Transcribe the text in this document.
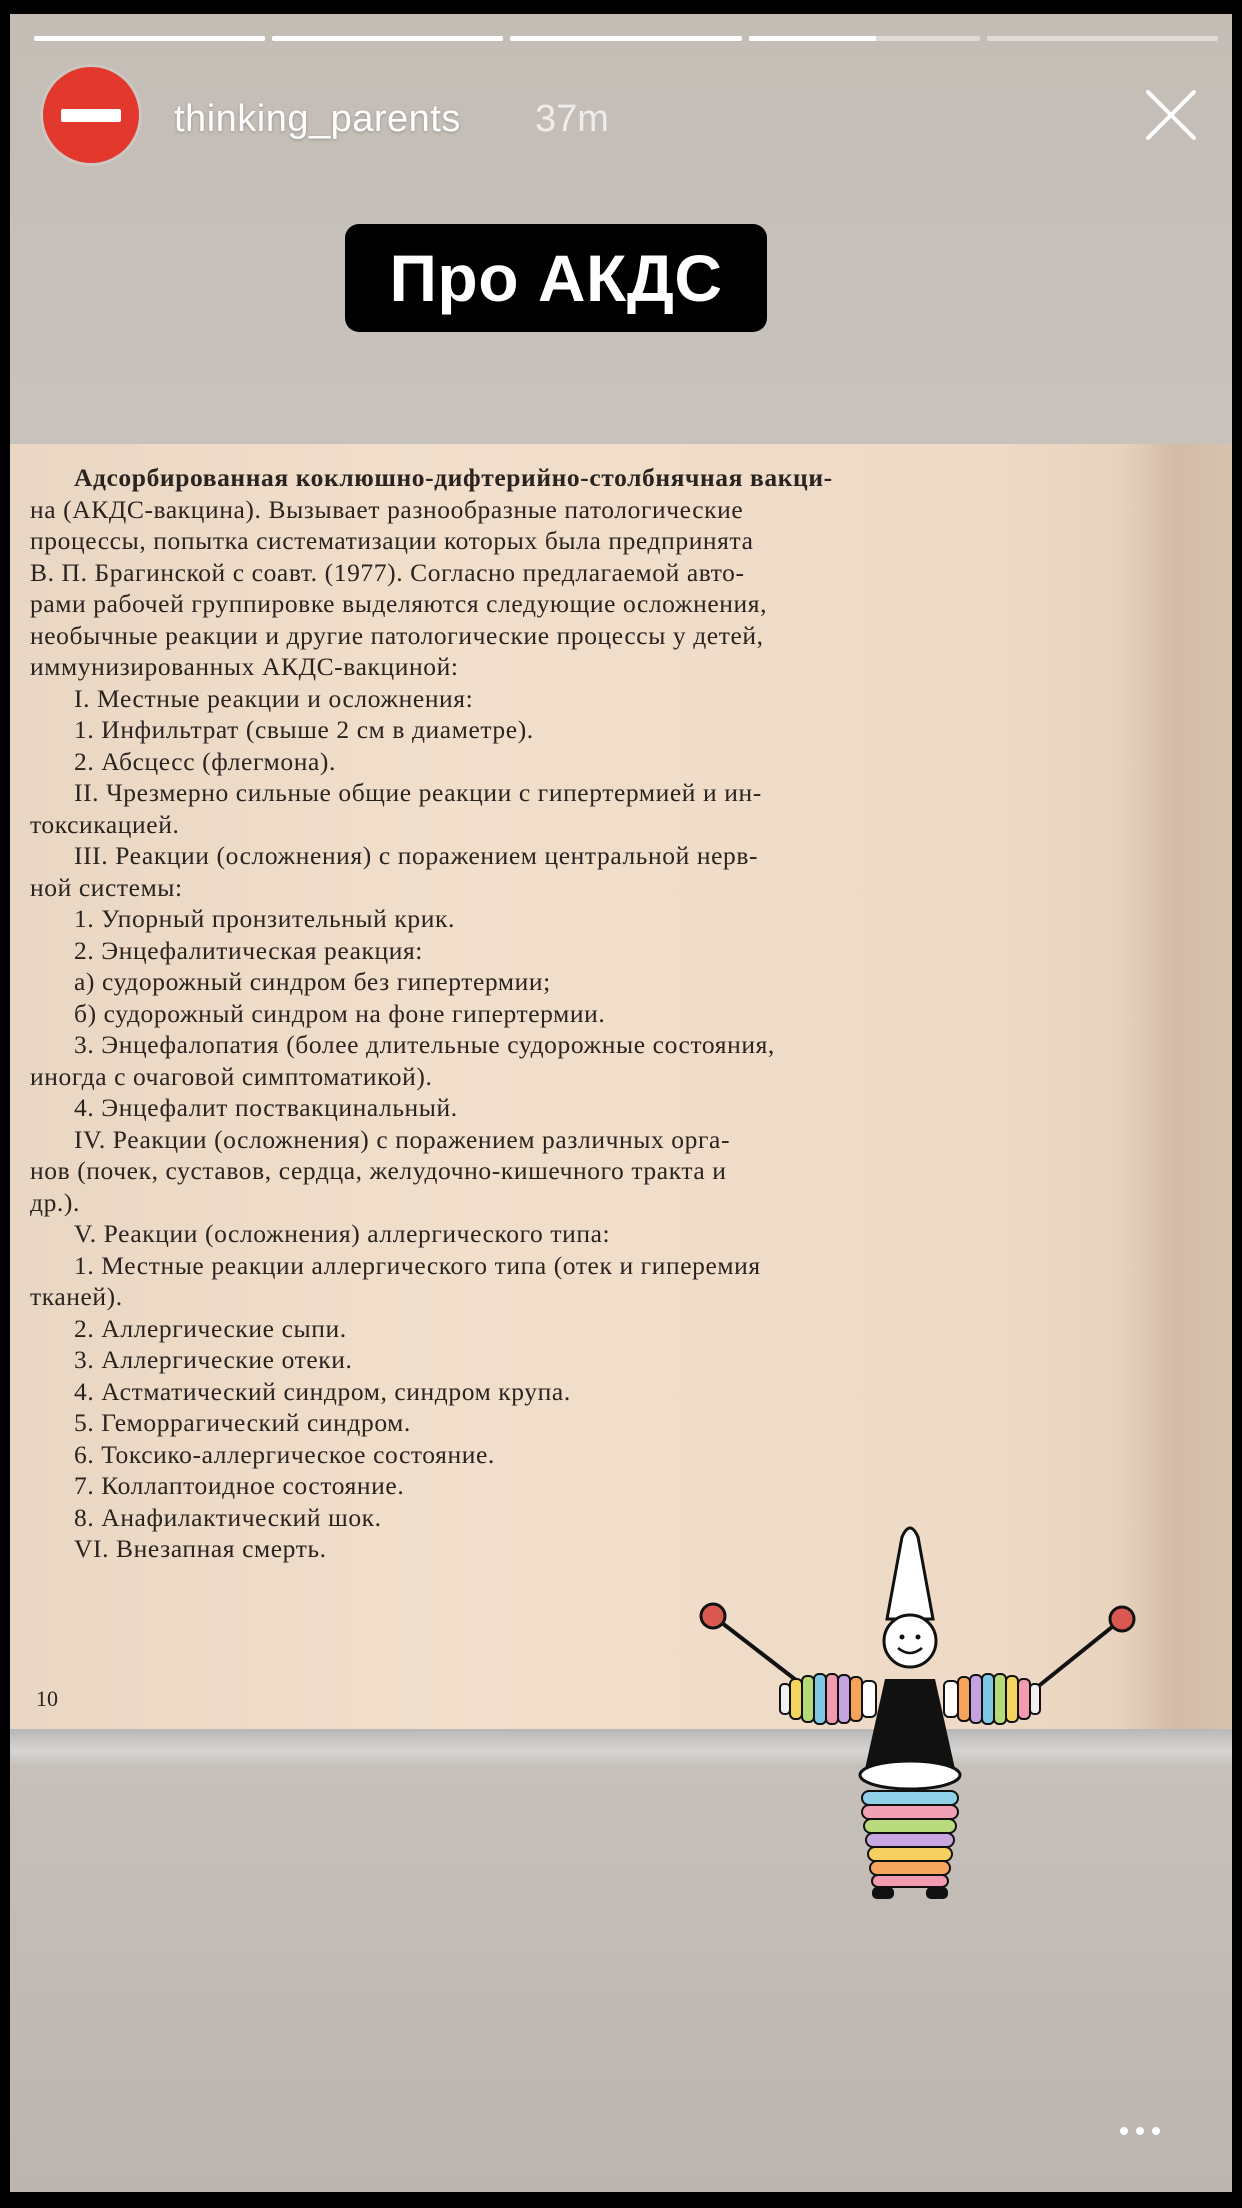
thinking_parents 37m
Про АКДС
Адсорбированная коклюшно-дифтерийно-столбнячная вакци-
на (АКДС-вакцина). Вызывает разнообразные патологические
процессы, попытка систематизации которых была предпринята
В. П. Брагинской с соавт. (1977). Согласно предлагаемой авто-
рами рабочей группировке выделяются следующие осложнения,
необычные реакции и другие патологические процессы у детей,
иммунизированных АКДС-вакциной:
I. Местные реакции и осложнения:
1. Инфильтрат (свыше 2 см в диаметре).
2. Абсцесс (флегмона).
II. Чрезмерно сильные общие реакции с гипертермией и ин-
токсикацией.
III. Реакции (осложнения) с поражением центральной нерв-
ной системы:
1. Упорный пронзительный крик.
2. Энцефалитическая реакция:
а) судорожный синдром без гипертермии;
б) судорожный синдром на фоне гипертермии.
3. Энцефалопатия (более длительные судорожные состояния,
иногда с очаговой симптоматикой).
4. Энцефалит поствакцинальный.
IV. Реакции (осложнения) с поражением различных орга-
нов (почек, суставов, сердца, желудочно-кишечного тракта и
др.).
V. Реакции (осложнения) аллергического типа:
1. Местные реакции аллергического типа (отек и гиперемия
тканей).
2. Аллергические сыпи.
3. Аллергические отеки.
4. Астматический синдром, синдром крупа.
5. Геморрагический синдром.
6. Токсико-аллергическое состояние.
7. Коллаптоидное состояние.
8. Анафилактический шок.
VI. Внезапная смерть.
10
